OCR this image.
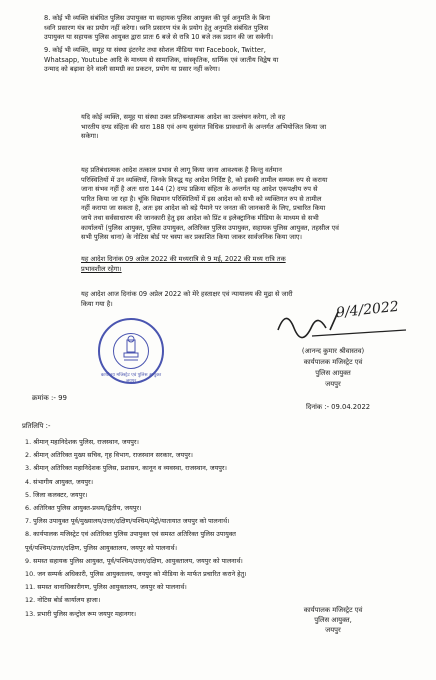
8. कोई भी व्यक्ति संबंधित पुलिस उपायुक्त या सहायक पुलिस आयुक्त की पूर्व अनुमति के बिना
ध्वनि प्रसारण यंत्र का प्रयोग नहीं करेगा। ध्वनि प्रसारण यंत्र के प्रयोग हेतु अनुमति संबंधित पुलिस
उपायुक्त या सहायक पुलिस आयुक्त द्वारा प्रातः 6 बजे से रात्रि 10 बजे तक प्रदान की जा सकेगी।
9. कोई भी व्यक्ति, समूह या संस्था इंटरनेट तथा सोशल मीडिया यथा Facebook, Twitter,
Whatsapp, Youtube आदि के माध्यम से सामाजिक, सांस्कृतिक, धार्मिक एवं जातीय विद्वेष या
उन्माद को बढ़ावा देने वाली सामग्री का प्रकटन, प्रयोग या प्रसार नहीं करेगा।
यदि कोई व्यक्ति, समूह या संस्था उक्त प्रतिबन्धात्मक आदेश का उल्लंघन करेगा, तो वह
भारतीय दण्ड संहिता की धारा 188 एवं अन्य सुसंगत विधिक प्रावधानों के अन्तर्गत अभियोजित किया जा
सकेगा।
यह प्रतिबंधात्मक आदेश तत्काल प्रभाव से लागू किया जाना आवश्यक है किन्तु वर्तमान
परिस्थितियों में उन व्यक्तियों, जिनके विरुद्ध यह आदेश निर्दिष्ट है, को इसकी तामील सम्यक रुप से कराया
जाना संभव नहीं है अतः धारा 144 (2) दण्ड प्रक्रिया संहिता के अन्तर्गत यह आदेश एकपक्षीय रुप से
पारित किया जा रहा है। चूंकि विद्यमान परिस्थितियों में इस आदेश को सभी को व्यक्तिगत रुप से तामील
नहीं कराया जा सकता है, अतः इस आदेश को बड़े पैमाने पर जनता की जानकारी के लिए, प्रचारित किया
जाये तथा सर्वसाधारण की जानकारी हेतु इस आदेश को प्रिंट व इलेक्ट्रानिक मीडिया के माध्यम से सभी
कार्यालयों (पुलिस आयुक्त, पुलिस उपायुक्त, अतिरिक्त पुलिस उपायुक्त, सहायक पुलिस आयुक्त, तहसील एवं
सभी पुलिस थाना) के नोटिस बोर्ड पर चस्पा कर प्रकाशित किया जाकर सार्वजनिक किया जाए।
यह आदेश दिनांक 09 अप्रेल 2022 की मध्यरात्रि से 9 मई, 2022 की मध्य रात्रि तक
प्रभावशील रहेगा।
यह आदेश आज दिनांक 09 अप्रेल 2022 को मेरे हस्ताक्षर एवं न्यायालय की मुद्रा से जारी
किया गया है।
कार्यालय मजिस्ट्रेट एवं पुलिस आयुक्त जयपुर
9/4/2022
(आनन्द कुमार श्रीवास्तव)
कार्यपालक मजिस्ट्रेट एवं
पुलिस आयुक्त
जयपुर
क्रमांक :- 99
दिनांक :- 09.04.2022
प्रतिलिपि :-
1. श्रीमान् महानिदेशक पुलिस, राजस्थान, जयपुर।
2. श्रीमान् अतिरिक्त मुख्य सचिव, गृह विभाग, राजस्थान सरकार, जयपुर।
3. श्रीमान् अतिरिक्त महानिदेशक पुलिस, प्रशासन, कानून व व्यवस्था, राजस्थान, जयपुर।
4. संभागीय आयुक्त, जयपुर।
5. जिला कलक्टर, जयपुर।
6. अतिरिक्त पुलिस आयुक्त-प्रथम/द्वितीय, जयपुर।
7. पुलिस उपायुक्त पूर्व/मुख्यालय/उत्तर/दक्षिण/पश्चिम/मेट्रो/यातायात जयपुर को पालनार्थ।
8. कार्यपालक मजिस्ट्रेट एवं अतिरिक्त पुलिस उपायुक्त एवं समस्त अतिरिक्त पुलिस उपायुक्त
पूर्व/पश्चिम/उत्तर/दक्षिण, पुलिस आयुक्तालय, जयपुर को पालनार्थ।
9. समस्त सहायक पुलिस आयुक्त, पूर्व/पश्चिम/उत्तर/दक्षिण, आयुक्तालय, जयपुर को पालनार्थ।
10. जन सम्पर्क अधिकारी, पुलिस आयुक्तालय, जयपुर को मीडिया के मार्फत प्रचारित कराने हेतु।
11. समस्त थानाधिकारीगण, पुलिस आयुक्तालय, जयपुर को पालनार्थ।
12. नोटिस बोर्ड कार्यालय हाजा।
13. प्रभारी पुलिस कन्ट्रोल रूम जयपुर महानगर।	कार्यपालक मजिस्ट्रेट एवं
पुलिस आयुक्त,
जयपुर
